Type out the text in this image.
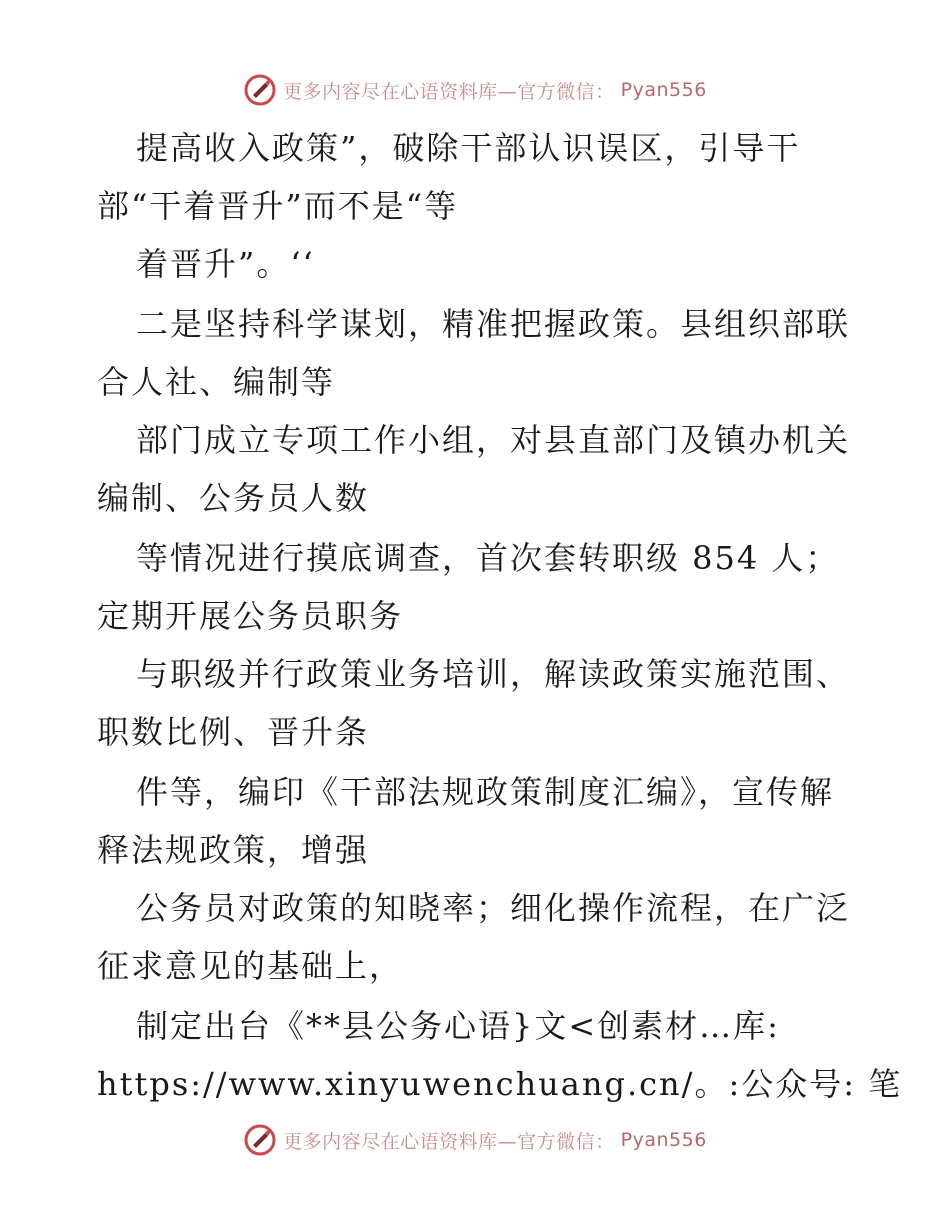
更多内容尽在心语资料库—官方微信： Pyan556
提高收入政策”，破除干部认识误区，引导干
部“干着晋升”而不是“等
着晋升”。‘‘
二是坚持科学谋划，精准把握政策。县组织部联
合人社、编制等
部门成立专项工作小组，对县直部门及镇办机关
编制、公务员人数
等情况进行摸底调查，首次套转职级 854 人；
定期开展公务员职务
与职级并行政策业务培训，解读政策实施范围、
职数比例、晋升条
件等，编印《干部法规政策制度汇编》，宣传解
释法规政策，增强
公务员对政策的知晓率；细化操作流程，在广泛
征求意见的基础上，
制定出台《**县公务心语}文<创素材…库:
https://www.xinyuwenchuang.cn/。:公众号: 笔
更多内容尽在心语资料库—官方微信： Pyan556
